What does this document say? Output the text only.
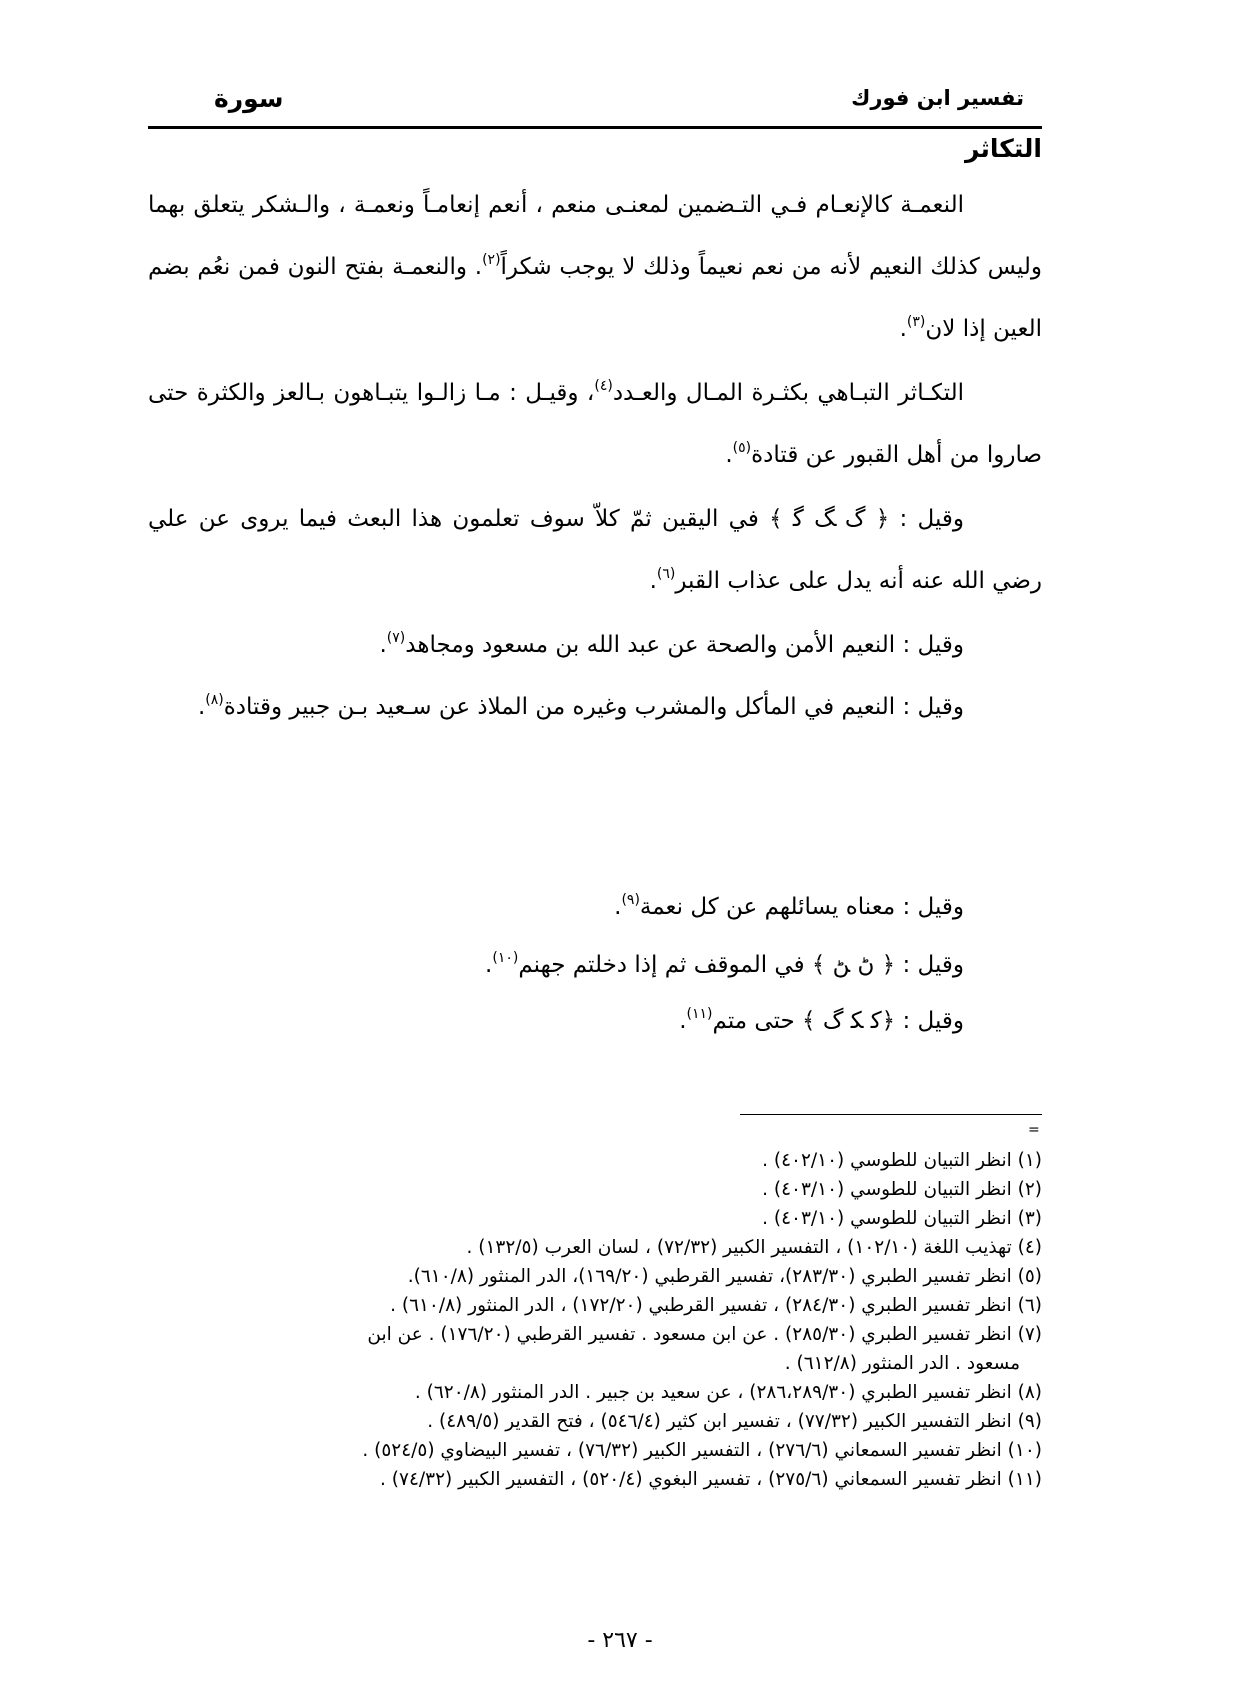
تفسير ابن فورك
سورة
التكاثر

النعمـة كالإنعـام فـي التـضمين لمعنـى منعم ، أنعم إنعامـاً ونعمـة ، والـشكر يتعلق بهما وليس كذلك النعيم لأنه من نعم نعيماً وذلك لا يوجب شكراً$^{(٢)}$. والنعمـة بفتح النون فمن نعُم بضم العين إذا لان$^{(٣)}$.

التكـاثر التبـاهي بكثـرة المـال والعـدد$^{(٤)}$، وقيـل : مـا زالـوا يتبـاهون بـالعز والكثرة حتى صاروا من أهل القبور عن قتادة$^{(٥)}$.

وقيل : ﴿ ﮒ ﮓ ﮔ ﴾ في اليقين ثمّ كلاّ سوف تعلمون هذا البعث فيما يروى عن علي رضي الله عنه أنه يدل على عذاب القبر$^{(٦)}$.

وقيل : النعيم الأمن والصحة عن عبد الله بن مسعود ومجاهد$^{(٧)}$.

وقيل : النعيم في المأكل والمشرب وغيره من الملاذ عن سـعيد بـن جبير وقتادة$^{(٨)}$.

وقيل : معناه يسائلهم عن كل نعمة$^{(٩)}$.

وقيل : ﴿ ﮠ ﮡ ﴾ في الموقف ثم إذا دخلتم جهنم$^{(١٠)}$.

وقيل : ﴿ﮐ ﮑ ﮒ ﴾ حتى متم$^{(١١)}$.

=
(١) انظر التبيان للطوسي (٤٠٢/١٠) .
(٢) انظر التبيان للطوسي (٤٠٣/١٠) .
(٣) انظر التبيان للطوسي (٤٠٣/١٠) .
(٤) تهذيب اللغة (١٠٢/١٠) ، التفسير الكبير (٧٢/٣٢) ، لسان العرب (١٣٢/٥) .
(٥) انظر تفسير الطبري (٢٨٣/٣٠)، تفسير القرطبي (١٦٩/٢٠)، الدر المنثور (٦١٠/٨).
(٦) انظر تفسير الطبري (٢٨٤/٣٠) ، تفسير القرطبي (١٧٢/٢٠) ، الدر المنثور (٦١٠/٨) .
(٧) انظر تفسير الطبري (٢٨٥/٣٠) . عن ابن مسعود . تفسير القرطبي (١٧٦/٢٠) . عن ابن
مسعود . الدر المنثور (٦١٢/٨) .
(٨) انظر تفسير الطبري (٢٨٦،٢٨٩/٣٠) ، عن سعيد بن جبير . الدر المنثور (٦٢٠/٨) .
(٩) انظر التفسير الكبير (٧٧/٣٢) ، تفسير ابن كثير (٥٤٦/٤) ، فتح القدير (٤٨٩/٥) .
(١٠) انظر تفسير السمعاني (٢٧٦/٦) ، التفسير الكبير (٧٦/٣٢) ، تفسير البيضاوي (٥٢٤/٥) .
(١١) انظر تفسير السمعاني (٢٧٥/٦) ، تفسير البغوي (٥٢٠/٤) ، التفسير الكبير (٧٤/٣٢) .
- ٢٦٧ -
